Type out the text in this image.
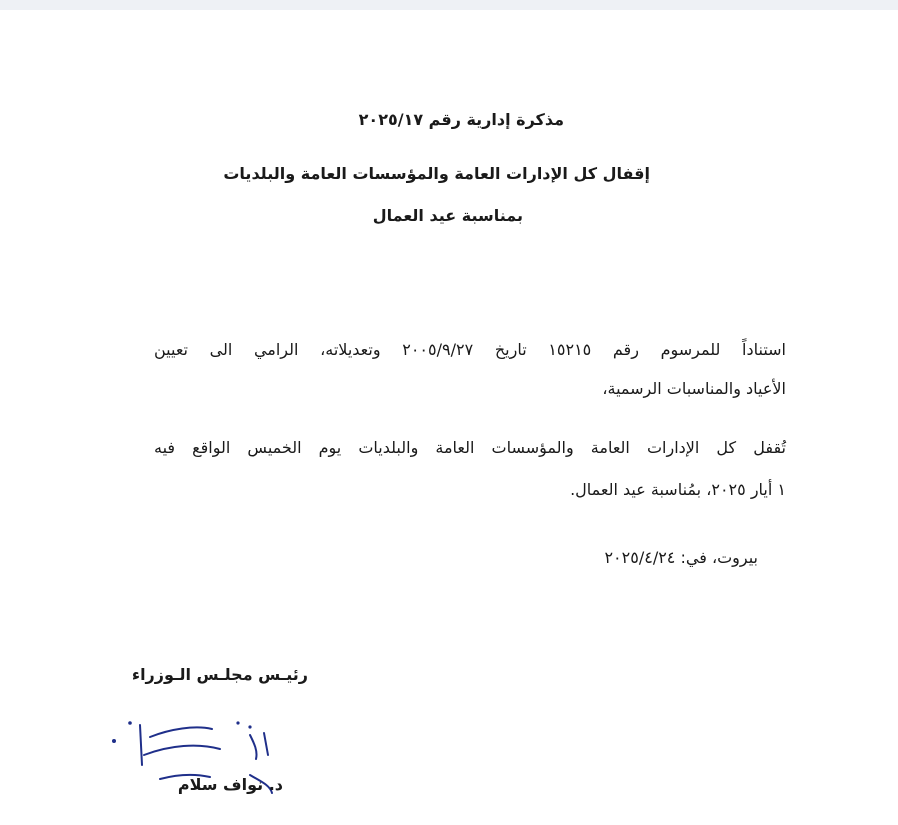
مذكرة إدارية رقم ٢٠٢٥/١٧
إقفال كل الإدارات العامة والمؤسسات العامة والبلديات
بمناسبة عيد العمال
استناداً للمرسوم رقم ١٥٢١٥ تاريخ ٢٠٠٥/٩/٢٧ وتعديلاته، الرامي الى تعيين
الأعياد والمناسبات الرسمية،
تُقفل كل الإدارات العامة والمؤسسات العامة والبلديات يوم الخميس الواقع فيه
١ أيار ٢٠٢٥، بمُناسبة عيد العمال.
بيروت، في: ٢٠٢٥/٤/٢٤
رئيـس مجلـس الـوزراء
د. نواف سلام
